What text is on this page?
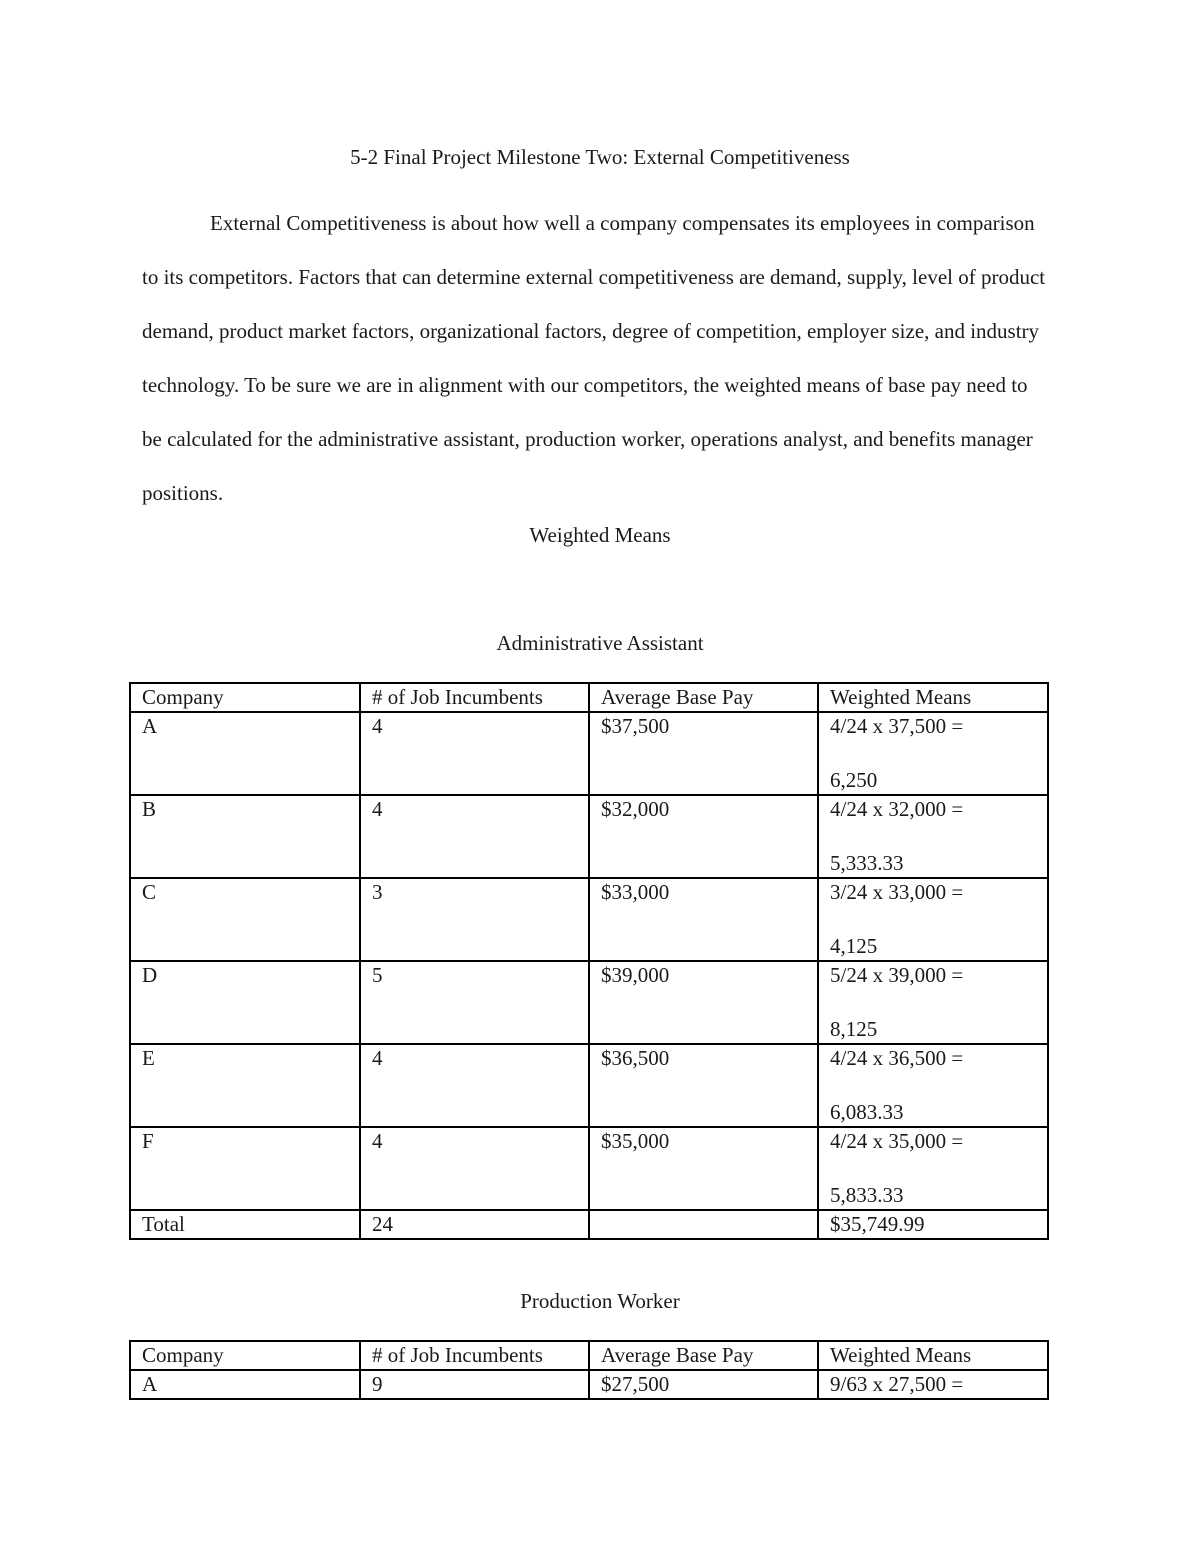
5-2 Final Project Milestone Two: External Competitiveness

External Competitiveness is about how well a company compensates its employees in comparison to its competitors. Factors that can determine external competitiveness are demand, supply, level of product demand, product market factors, organizational factors, degree of competition, employer size, and industry technology. To be sure we are in alignment with our competitors, the weighted means of base pay need to be calculated for the administrative assistant, production worker, operations analyst, and benefits manager positions.

Weighted Means
Administrative Assistant
Company	# of Job Incumbents	Average Base Pay	Weighted Means
A	4	$37,500	4/24 x 37,500 =
6,250

B	4	$32,000	4/24 x 32,000 =
5,333.33

C	3	$33,000	3/24 x 33,000 =
4,125

D	5	$39,000	5/24 x 39,000 =
8,125

E	4	$36,500	4/24 x 36,500 =
6,083.33

F	4	$35,000	4/24 x 35,000 =
5,833.33

Total	24		$35,749.99
Production Worker
Company	# of Job Incumbents	Average Base Pay	Weighted Means
A	9	$27,500	9/63 x 27,500 =
